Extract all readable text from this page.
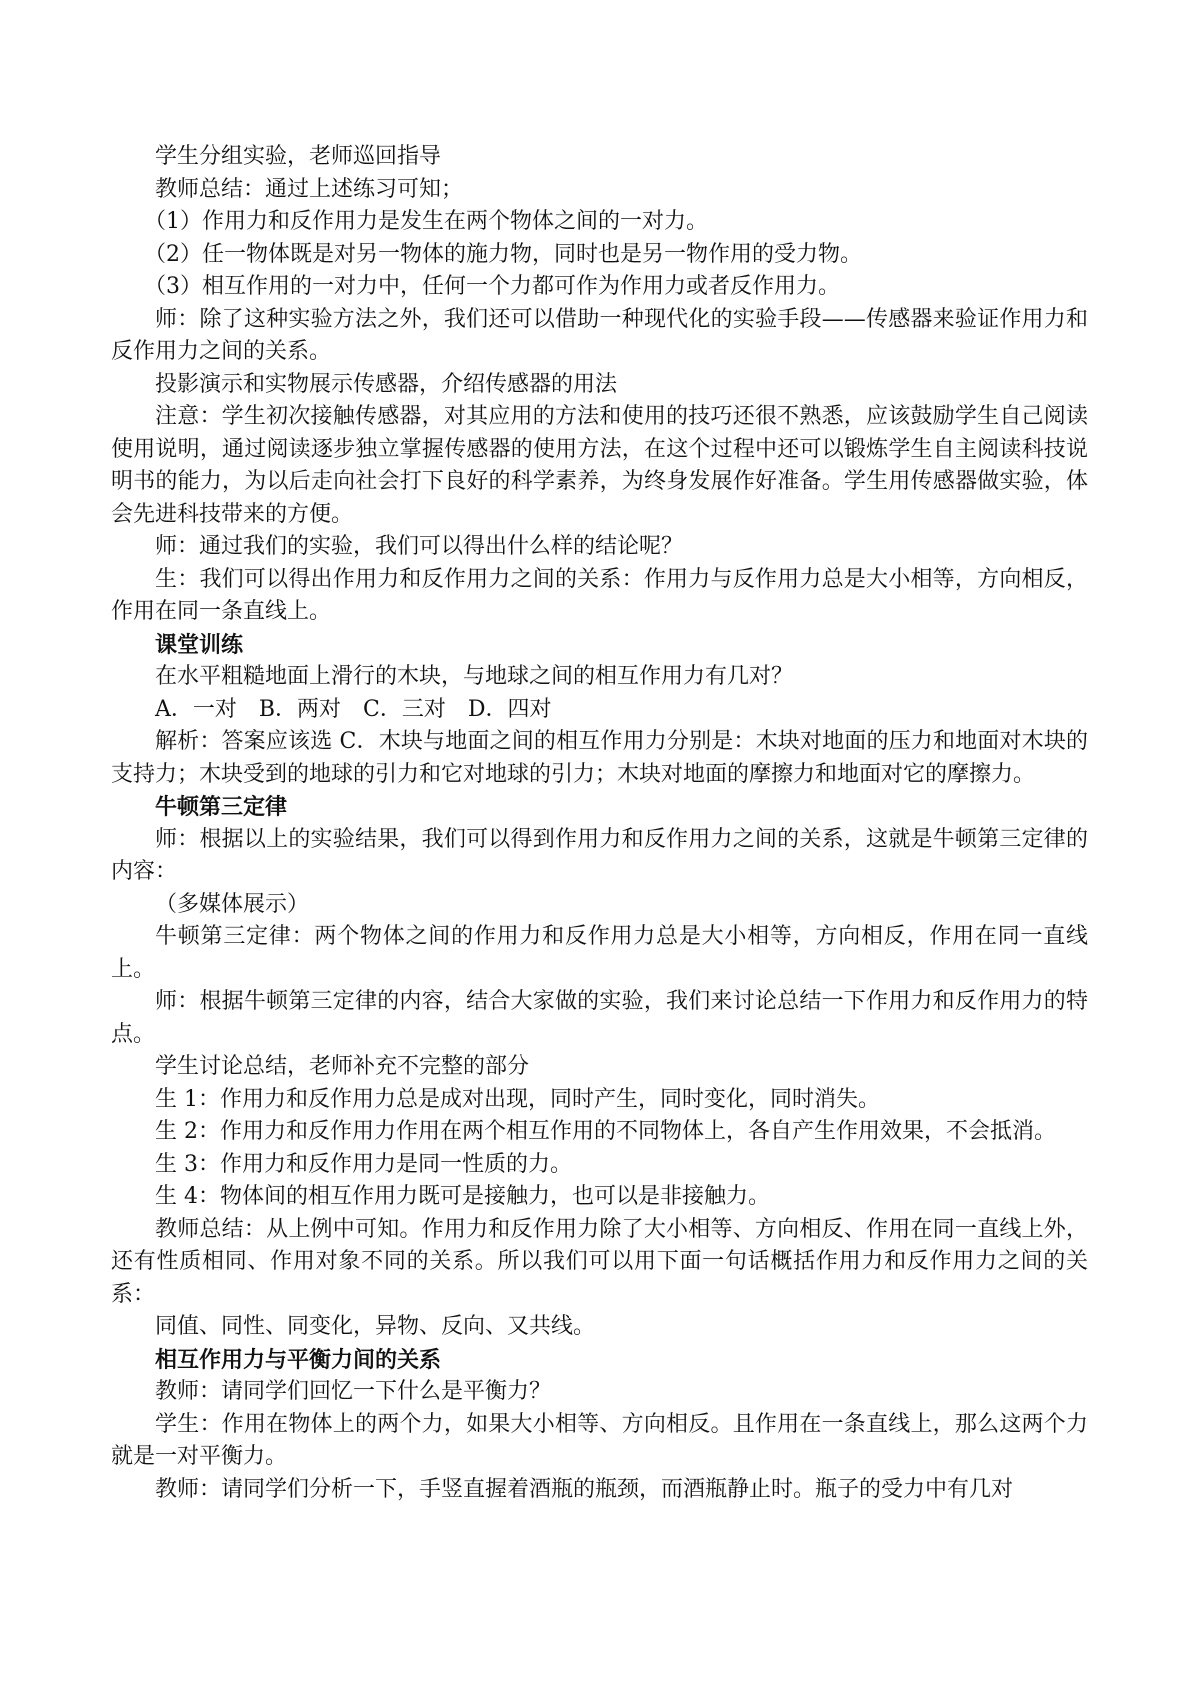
学生分组实验，老师巡回指导

教师总结：通过上述练习可知；

（1）作用力和反作用力是发生在两个物体之间的一对力。

（2）任一物体既是对另一物体的施力物，同时也是另一物作用的受力物。

（3）相互作用的一对力中，任何一个力都可作为作用力或者反作用力。

师：除了这种实验方法之外，我们还可以借助一种现代化的实验手段——传感器来验证作用力和反作用力之间的关系。

投影演示和实物展示传感器，介绍传感器的用法

注意：学生初次接触传感器，对其应用的方法和使用的技巧还很不熟悉，应该鼓励学生自己阅读使用说明，通过阅读逐步独立掌握传感器的使用方法，在这个过程中还可以锻炼学生自主阅读科技说明书的能力，为以后走向社会打下良好的科学素养，为终身发展作好准备。学生用传感器做实验，体会先进科技带来的方便。

师：通过我们的实验，我们可以得出什么样的结论呢？

生：我们可以得出作用力和反作用力之间的关系：作用力与反作用力总是大小相等，方向相反，作用在同一条直线上。

课堂训练

在水平粗糙地面上滑行的木块，与地球之间的相互作用力有几对？

A．一对　B．两对　C．三对　D．四对

解析：答案应该选 C．木块与地面之间的相互作用力分别是：木块对地面的压力和地面对木块的支持力；木块受到的地球的引力和它对地球的引力；木块对地面的摩擦力和地面对它的摩擦力。

牛顿第三定律

师：根据以上的实验结果，我们可以得到作用力和反作用力之间的关系，这就是牛顿第三定律的内容：

（多媒体展示）

牛顿第三定律：两个物体之间的作用力和反作用力总是大小相等，方向相反，作用在同一直线上。

师：根据牛顿第三定律的内容，结合大家做的实验，我们来讨论总结一下作用力和反作用力的特点。

学生讨论总结，老师补充不完整的部分

生 1：作用力和反作用力总是成对出现，同时产生，同时变化，同时消失。

生 2：作用力和反作用力作用在两个相互作用的不同物体上，各自产生作用效果，不会抵消。

生 3：作用力和反作用力是同一性质的力。

生 4：物体间的相互作用力既可是接触力，也可以是非接触力。

教师总结：从上例中可知。作用力和反作用力除了大小相等、方向相反、作用在同一直线上外，还有性质相同、作用对象不同的关系。所以我们可以用下面一句话概括作用力和反作用力之间的关系：

同值、同性、同变化，异物、反向、又共线。

相互作用力与平衡力间的关系

教师：请同学们回忆一下什么是平衡力？

学生：作用在物体上的两个力，如果大小相等、方向相反。且作用在一条直线上，那么这两个力就是一对平衡力。

教师：请同学们分析一下，手竖直握着酒瓶的瓶颈，而酒瓶静止时。瓶子的受力中有几对
